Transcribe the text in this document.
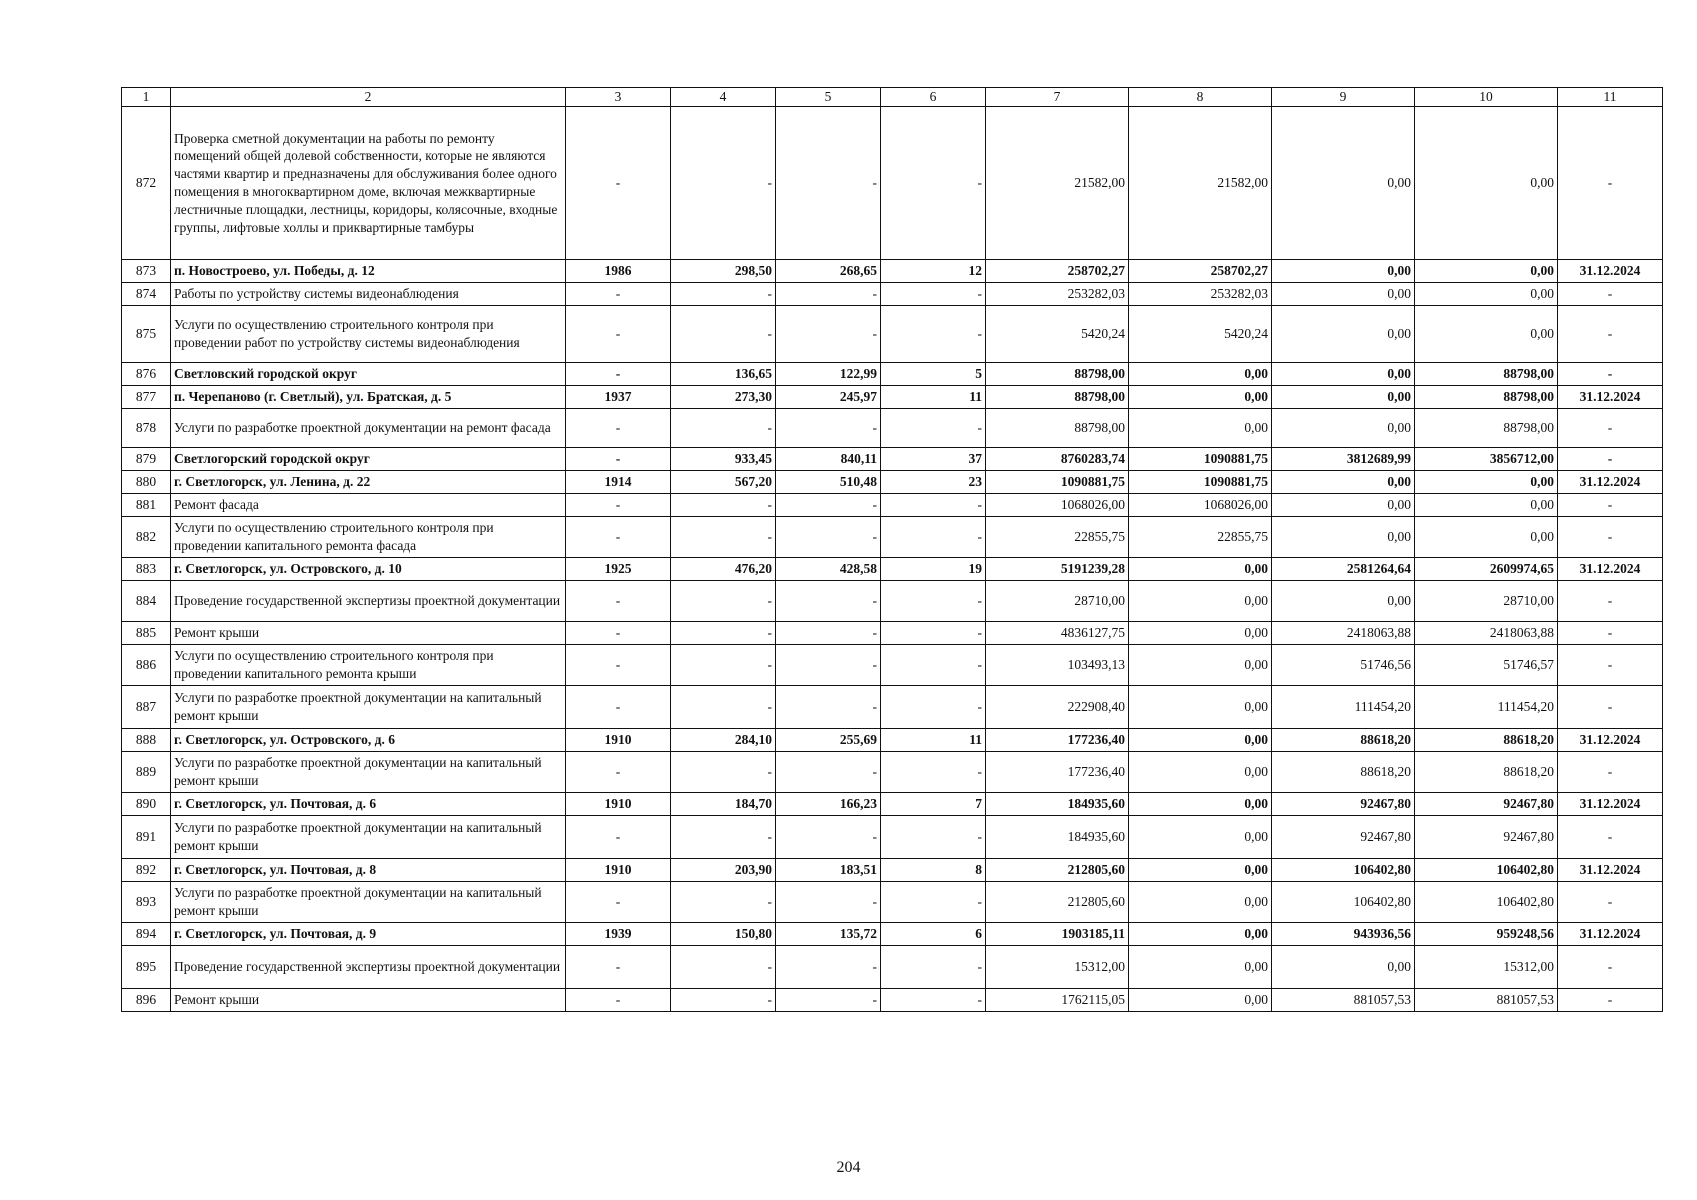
1	2	3	4	5	6	7	8	9	10	11
872	Проверка сметной документации на работы по ремонту помещений общей долевой собственности, которые не являются частями квартир и предназначены для обслуживания более одного помещения в многоквартирном доме, включая межквартирные лестничные площадки, лестницы, коридоры, колясочные, входные группы, лифтовые холлы и приквартирные тамбуры	-	-	-	-	21582,00	21582,00	0,00	0,00	-
873	п. Новостроево, ул. Победы, д. 12	1986	298,50	268,65	12	258702,27	258702,27	0,00	0,00	31.12.2024
874	Работы по устройству системы видеонаблюдения	-	-	-	-	253282,03	253282,03	0,00	0,00	-
875	Услуги по осуществлению строительного контроля при проведении работ по устройству системы видеонаблюдения	-	-	-	-	5420,24	5420,24	0,00	0,00	-
876	Светловский городской округ	-	136,65	122,99	5	88798,00	0,00	0,00	88798,00	-
877	п. Черепаново (г. Светлый), ул. Братская, д. 5	1937	273,30	245,97	11	88798,00	0,00	0,00	88798,00	31.12.2024
878	Услуги по разработке проектной документации на ремонт фасада	-	-	-	-	88798,00	0,00	0,00	88798,00	-
879	Светлогорский городской округ	-	933,45	840,11	37	8760283,74	1090881,75	3812689,99	3856712,00	-
880	г. Светлогорск, ул. Ленина, д. 22	1914	567,20	510,48	23	1090881,75	1090881,75	0,00	0,00	31.12.2024
881	Ремонт фасада	-	-	-	-	1068026,00	1068026,00	0,00	0,00	-
882	Услуги по осуществлению строительного контроля при проведении капитального ремонта фасада	-	-	-	-	22855,75	22855,75	0,00	0,00	-
883	г. Светлогорск, ул. Островского, д. 10	1925	476,20	428,58	19	5191239,28	0,00	2581264,64	2609974,65	31.12.2024
884	Проведение государственной экспертизы проектной документации	-	-	-	-	28710,00	0,00	0,00	28710,00	-
885	Ремонт крыши	-	-	-	-	4836127,75	0,00	2418063,88	2418063,88	-
886	Услуги по осуществлению строительного контроля при проведении капитального ремонта крыши	-	-	-	-	103493,13	0,00	51746,56	51746,57	-
887	Услуги по разработке проектной документации на капитальный ремонт крыши	-	-	-	-	222908,40	0,00	111454,20	111454,20	-
888	г. Светлогорск, ул. Островского, д. 6	1910	284,10	255,69	11	177236,40	0,00	88618,20	88618,20	31.12.2024
889	Услуги по разработке проектной документации на капитальный ремонт крыши	-	-	-	-	177236,40	0,00	88618,20	88618,20	-
890	г. Светлогорск, ул. Почтовая, д. 6	1910	184,70	166,23	7	184935,60	0,00	92467,80	92467,80	31.12.2024
891	Услуги по разработке проектной документации на капитальный ремонт крыши	-	-	-	-	184935,60	0,00	92467,80	92467,80	-
892	г. Светлогорск, ул. Почтовая, д. 8	1910	203,90	183,51	8	212805,60	0,00	106402,80	106402,80	31.12.2024
893	Услуги по разработке проектной документации на капитальный ремонт крыши	-	-	-	-	212805,60	0,00	106402,80	106402,80	-
894	г. Светлогорск, ул. Почтовая, д. 9	1939	150,80	135,72	6	1903185,11	0,00	943936,56	959248,56	31.12.2024
895	Проведение государственной экспертизы проектной документации	-	-	-	-	15312,00	0,00	0,00	15312,00	-
896	Ремонт крыши	-	-	-	-	1762115,05	0,00	881057,53	881057,53	-
204
